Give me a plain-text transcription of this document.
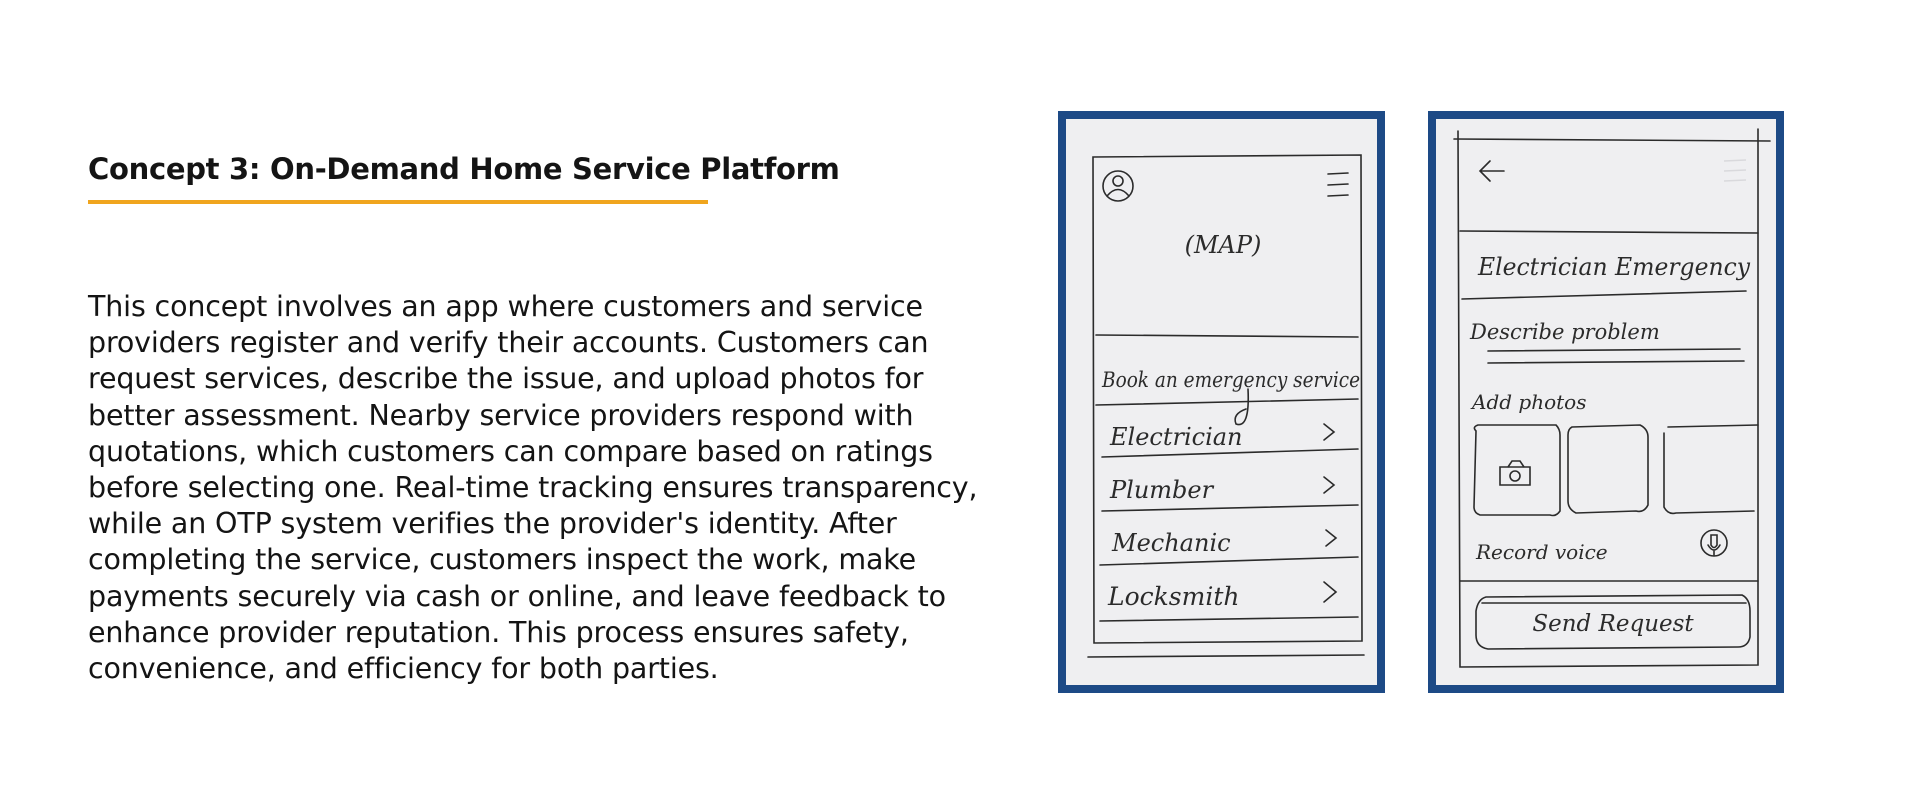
Concept 3: On-Demand Home Service Platform

This concept involves an app where customers and service
providers register and verify their accounts. Customers can
request services, describe the issue, and upload photos for
better assessment. Nearby service providers respond with
quotations, which customers can compare based on ratings
before selecting one. Real-time tracking ensures transparency,
while an OTP system verifies the provider's identity. After
completing the service, customers inspect the work, make
payments securely via cash or online, and leave feedback to
enhance provider reputation. This process ensures safety,
convenience, and efficiency for both parties.

(MAP)
Book an emergency service
Electrician
Plumber
Mechanic
Locksmith
Electrician Emergency
Describe problem
Add photos
Record voice
Send Request
